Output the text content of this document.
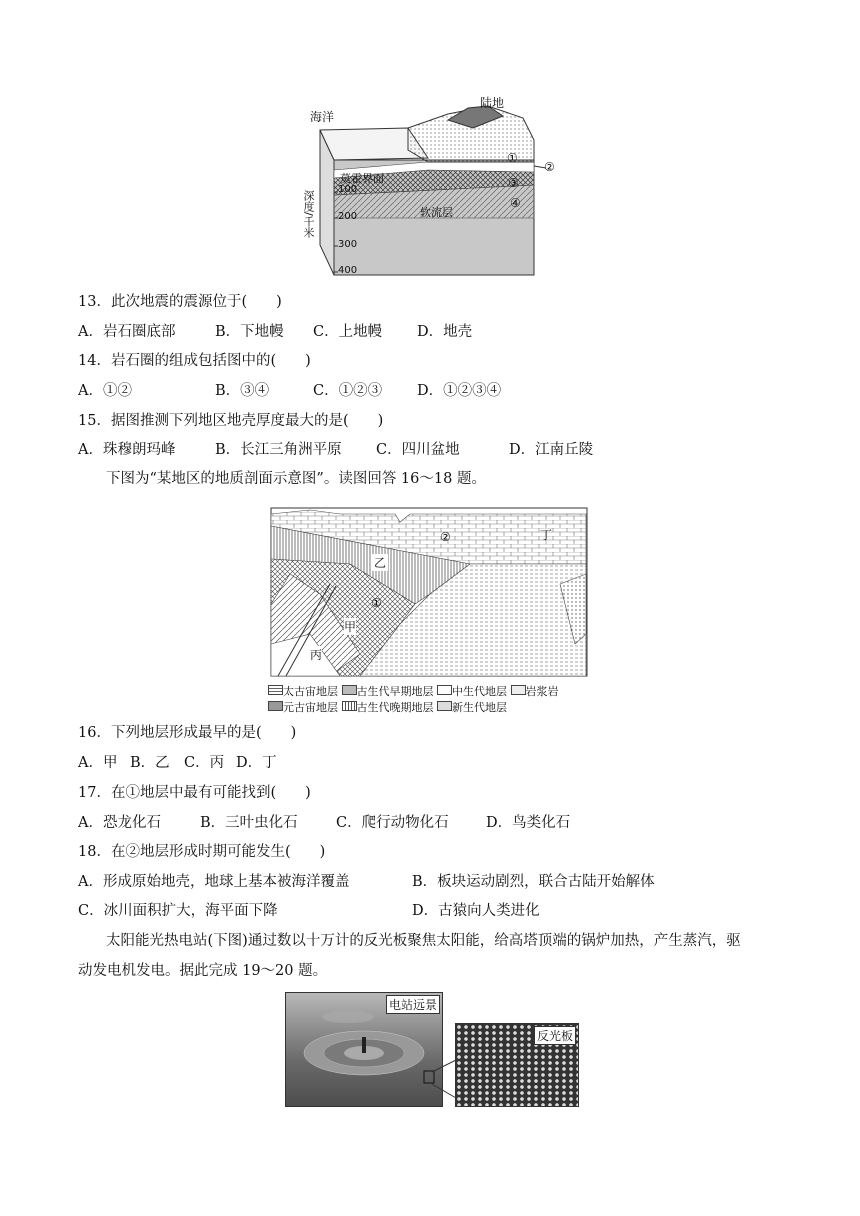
海洋
陆地
莫霍界面
软流层
深度/千米
100
200
300
400
①
②
③
④
13．此次地震的震源位于(　　)
A．岩石圈底部	B．下地幔 C．上地幔 D．地壳
14．岩石圈的组成包括图中的(　　)
A．①②	B．③④	C．①②③ D．①②③④
15．据图推测下列地区地壳厚度最大的是(　　)
A．珠穆朗玛峰	B．长江三角洲平原 C．四川盆地	D．江南丘陵
下图为“某地区的地质剖面示意图”。读图回答 16～18 题。
丁
乙
②
①
甲
丙
太古宙地层 古生代早期地层 中生代地层 岩浆岩
元古宙地层 古生代晚期地层 新生代地层
16．下列地层形成最早的是(　　)
A．甲 B．乙 C．丙 D．丁
17．在①地层中最有可能找到(　　)
A．恐龙化石	B．三叶虫化石	C．爬行动物化石	D．鸟类化石
18．在②地层形成时期可能发生(　　)
A．形成原始地壳，地球上基本被海洋覆盖	B．板块运动剧烈，联合古陆开始解体
C．冰川面积扩大，海平面下降	D．古猿向人类进化
太阳能光热电站(下图)通过数以十万计的反光板聚焦太阳能，给高塔顶端的锅炉加热，产生蒸汽，驱
动发电机发电。据此完成 19～20 题。
电站远景
反光板
